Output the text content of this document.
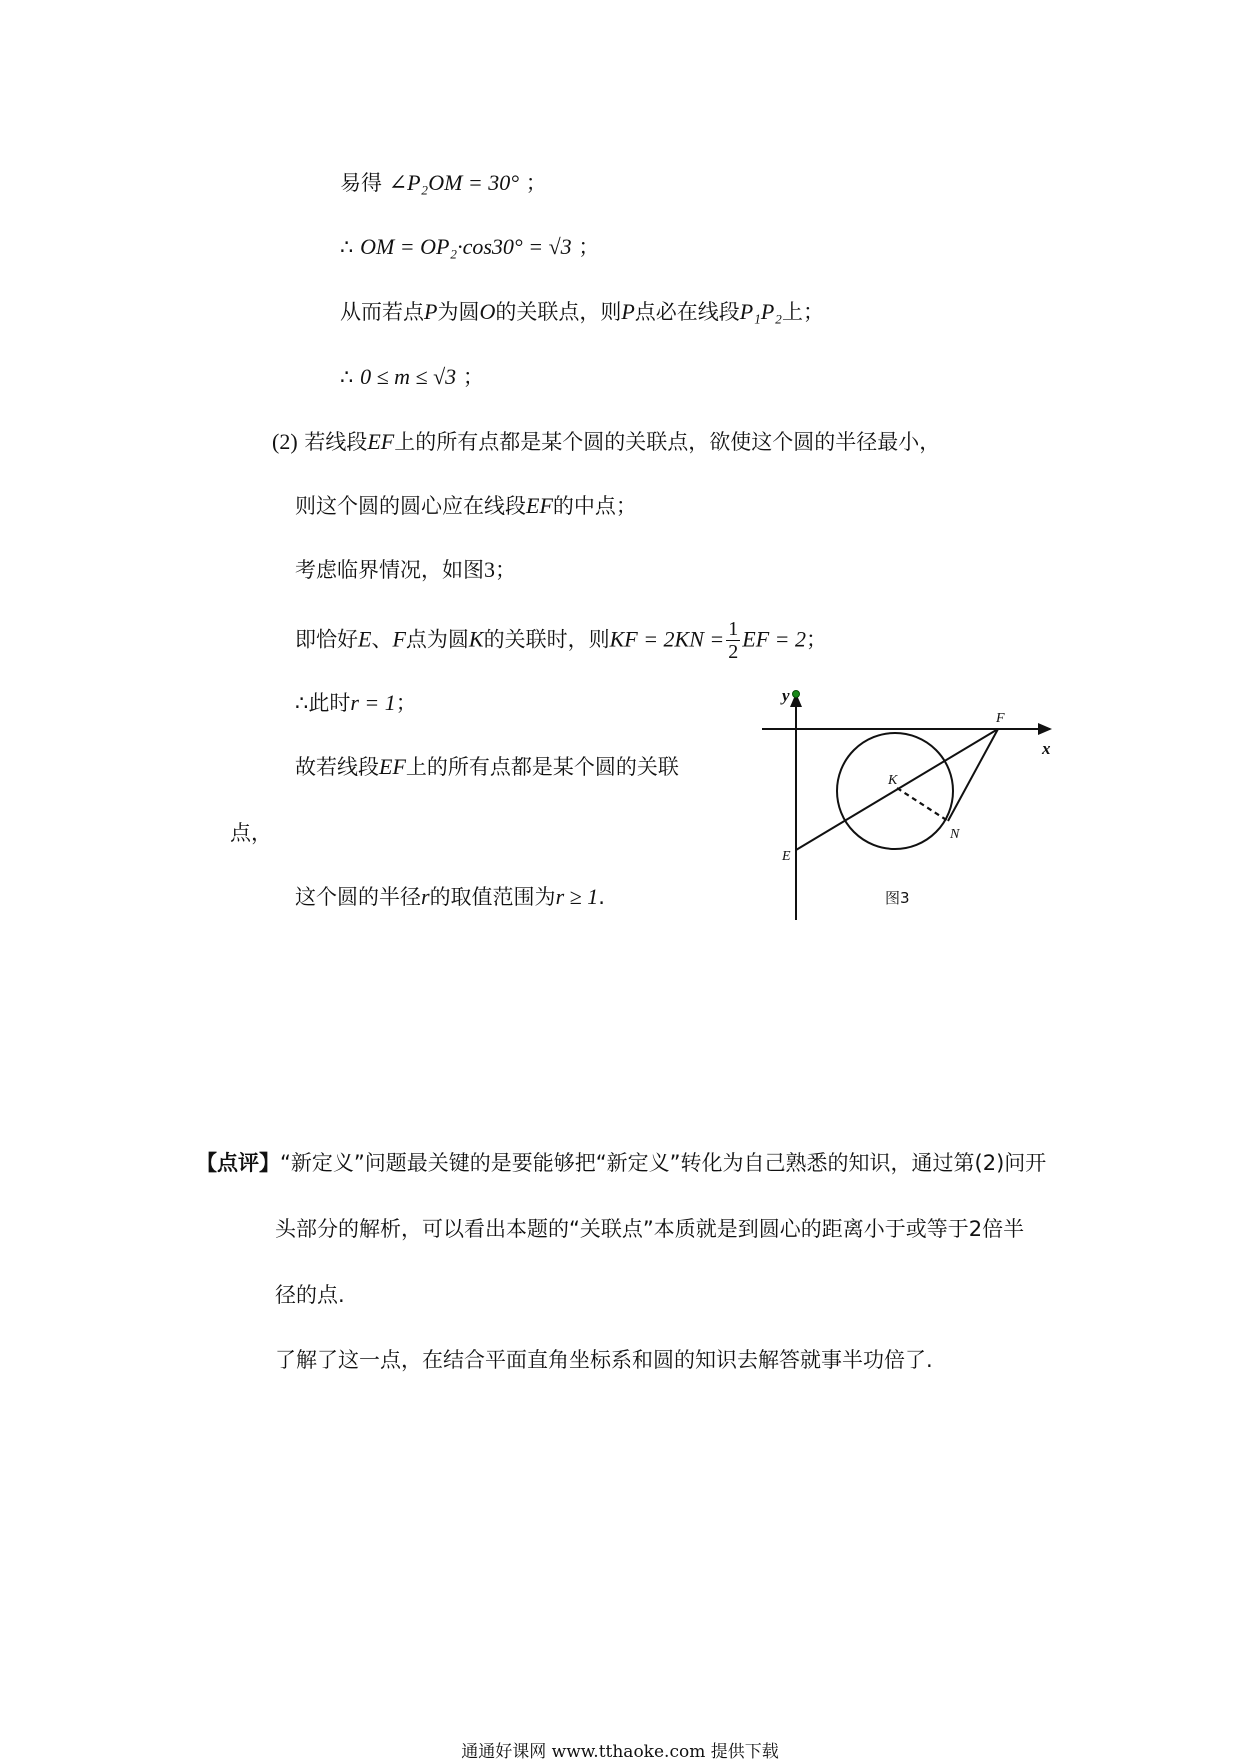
易得 ∠P₂OM = 30° ；
∴ OM = OP₂·cos30° = √3 ；
从而若点P为圆O的关联点，则P点必在线段P₁P₂上；
∴ 0 ≤ m ≤ √3 ；
(2) 若线段EF上的所有点都是某个圆的关联点，欲使这个圆的半径最小，
则这个圆的圆心应在线段EF的中点；
考虑临界情况，如图3；
即恰好E、F点为圆K的关联时，则KF = $2KN = \frac{1}{2}$ EF = 2；
∴此时r = 1；
故若线段EF上的所有点都是某个圆的关联
点，
这个圆的半径r的取值范围为r ≥ 1.
y
x
F
K
N
E
图3
【点评】“新定义”问题最关键的是要能够把“新定义”转化为自己熟悉的知识，通过第(2)问开
头部分的解析，可以看出本题的“关联点”本质就是到圆心的距离小于或等于2倍半
径的点.
了解了这一点，在结合平面直角坐标系和圆的知识去解答就事半功倍了.
通通好课网 www.tthaoke.com 提供下载
